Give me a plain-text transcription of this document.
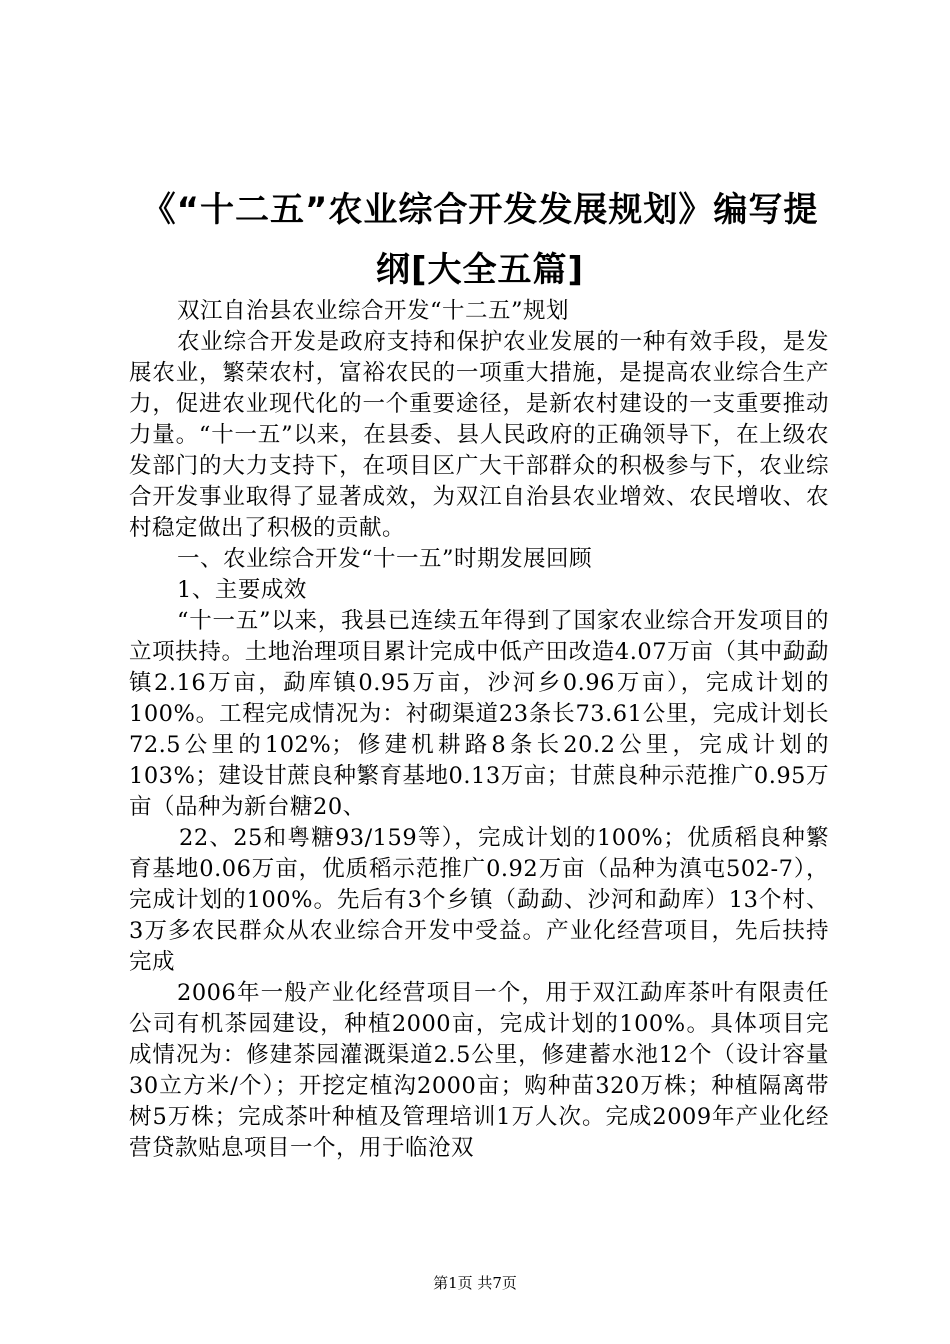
《“十二五”农业综合开发发展规划》编写提
纲[大全五篇]

双江自治县农业综合开发“十二五”规划

农业综合开发是政府支持和保护农业发展的一种有效手段，是发展农业，繁荣农村，富裕农民的一项重大措施，是提高农业综合生产力，促进农业现代化的一个重要途径，是新农村建设的一支重要推动力量。“十一五”以来，在县委、县人民政府的正确领导下，在上级农发部门的大力支持下，在项目区广大干部群众的积极参与下，农业综合开发事业取得了显著成效，为双江自治县农业增效、农民增收、农村稳定做出了积极的贡献。

一、农业综合开发“十一五”时期发展回顾

1、主要成效

“十一五”以来，我县已连续五年得到了国家农业综合开发项目的立项扶持。土地治理项目累计完成中低产田改造4.07万亩（其中勐勐镇2.16万亩，勐库镇0.95万亩，沙河乡0.96万亩），完成计划的100%。工程完成情况为：衬砌渠道23条长73.61公里，完成计划长72.5公里的102%；修建机耕路8条长20.2公里，完成计划的103%；建设甘蔗良种繁育基地0.13万亩；甘蔗良种示范推广0.95万亩（品种为新台糖20、

22、25和粤糖93/159等），完成计划的100%；优质稻良种繁育基地0.06万亩，优质稻示范推广0.92万亩（品种为滇屯502-7），完成计划的100%。先后有3个乡镇（勐勐、沙河和勐库）13个村、3万多农民群众从农业综合开发中受益。产业化经营项目，先后扶持完成

2006年一般产业化经营项目一个，用于双江勐库茶叶有限责任公司有机茶园建设，种植2000亩，完成计划的100%。具体项目完成情况为：修建茶园灌溉渠道2.5公里，修建蓄水池12个（设计容量30立方米/个）；开挖定植沟2000亩；购种苗320万株；种植隔离带树5万株；完成茶叶种植及管理培训1万人次。完成2009年产业化经营贷款贴息项目一个，用于临沧双

第1页 共7页
